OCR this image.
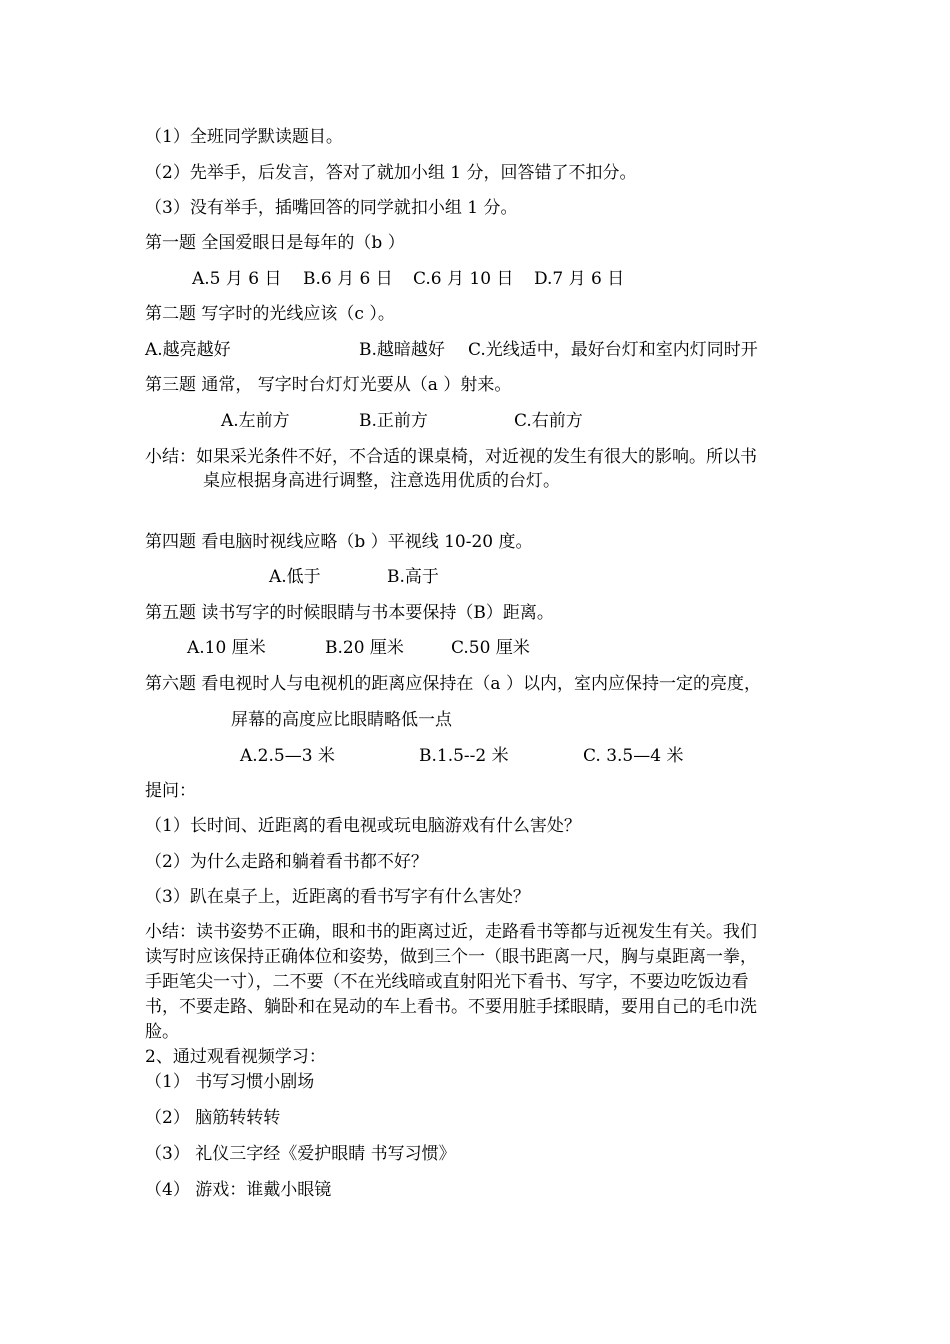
（1）全班同学默读题目。
（2）先举手，后发言，答对了就加小组 1 分，回答错了不扣分。
（3）没有举手，插嘴回答的同学就扣小组 1 分。
第一题 全国爱眼日是每年的（b ）
A.5 月 6 日 B.6 月 6 日 C.6 月 10 日 D.7 月 6 日
第二题 写字时的光线应该（c ）。
A.越亮越好	B.越暗越好 C.光线适中，最好台灯和室内灯同时开
第三题 通常， 写字时台灯灯光要从（a ）射来。
A.左前方	B.正前方	C.右前方
小结：如果采光条件不好，不合适的课桌椅，对近视的发生有很大的影响。所以书
桌应根据身高进行调整，注意选用优质的台灯。
第四题 看电脑时视线应略（b ）平视线 10-20 度。
A.低于	B.高于
第五题 读书写字的时候眼睛与书本要保持（B）距离。
A.10 厘米	B.20 厘米	C.50 厘米
第六题 看电视时人与电视机的距离应保持在（a ）以内，室内应保持一定的亮度，
屏幕的高度应比眼睛略低一点
A.2.5—3 米	B.1.5--2 米	C. 3.5—4 米
提问：
（1）长时间、近距离的看电视或玩电脑游戏有什么害处？
（2）为什么走路和躺着看书都不好？
（3）趴在桌子上，近距离的看书写字有什么害处？
小结：读书姿势不正确，眼和书的距离过近，走路看书等都与近视发生有关。我们
读写时应该保持正确体位和姿势，做到三个一（眼书距离一尺，胸与桌距离一拳，
手距笔尖一寸），二不要（不在光线暗或直射阳光下看书、写字，不要边吃饭边看
书，不要走路、躺卧和在晃动的车上看书。不要用脏手揉眼睛，要用自己的毛巾洗
脸。
2、通过观看视频学习：
（1） 书写习惯小剧场
（2） 脑筋转转转
（3） 礼仪三字经《爱护眼睛 书写习惯》
（4） 游戏：谁戴小眼镜
